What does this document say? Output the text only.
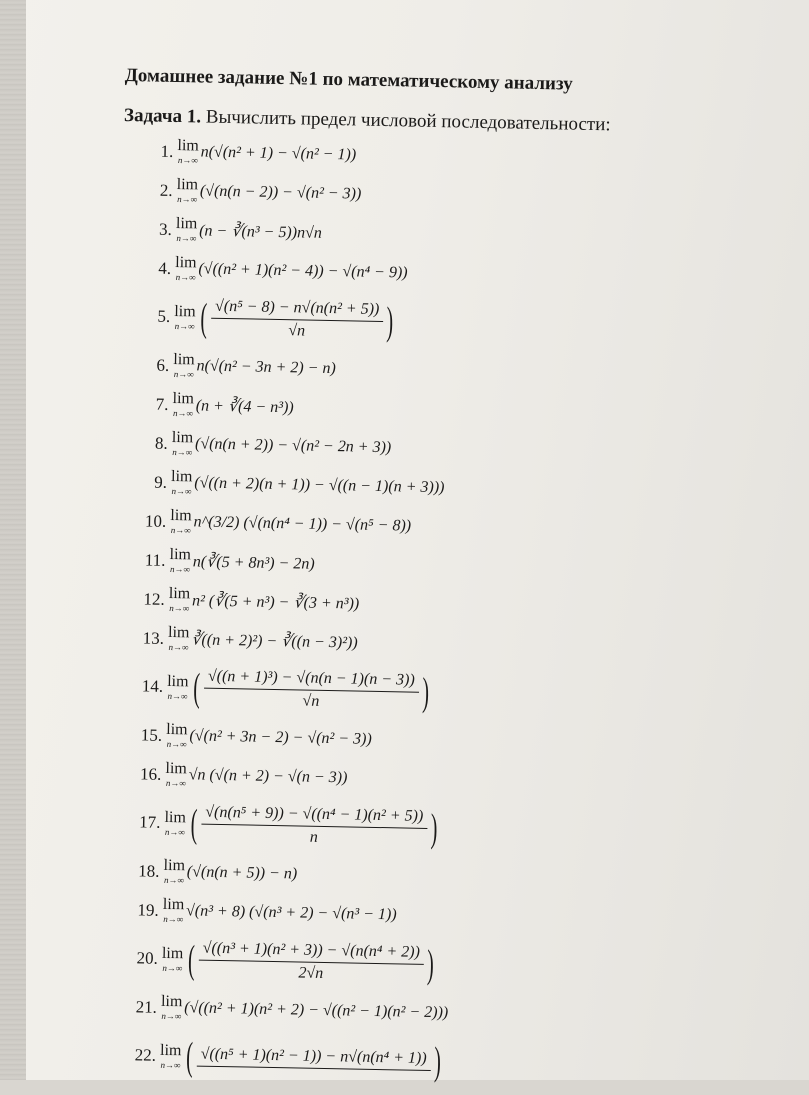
Домашнее задание №1 по математическому анализу
Задача 1. Вычислить предел числовой последовательности:
1. lim
n→∞ n(√(n² + 1) − √(n² − 1))
2. lim
n→∞ (√(n(n − 2)) − √(n² − 3))
3. lim
n→∞ (n − ∛(n³ − 5))n√n
4. lim
n→∞ (√((n² + 1)(n² − 4)) − √(n⁴ − 9))
5. lim
n→∞ ( $\frac{\text{√(n⁵ − 8) − n√(n(n² + 5))}}{√n}$ )
6. lim
n→∞ n(√(n² − 3n + 2) − n)
7. lim
n→∞ (n + ∛(4 − n³))
8. lim
n→∞ (√(n(n + 2)) − √(n² − 2n + 3))
9. lim
n→∞ (√((n + 2)(n + 1)) − √((n − 1)(n + 3)))
10. lim
n→∞ n^(3/2) (√(n(n⁴ − 1)) − √(n⁵ − 8))
11. lim
n→∞ n(∛(5 + 8n³) − 2n)
12. lim
n→∞ n² (∛(5 + n³) − ∛(3 + n³))
13. lim
n→∞ ∛((n + 2)²) − ∛((n − 3)²))
14. lim
n→∞ ( $\frac{\text{√((n + 1)³) − √(n(n − 1)(n − 3))}}{√n}$ )
15. lim
n→∞ (√(n² + 3n − 2) − √(n² − 3))
16. lim
n→∞ √n (√(n + 2) − √(n − 3))
17. lim
n→∞ ( $\frac{\text{√(n(n⁵ + 9)) − √((n⁴ − 1)(n² + 5))}}{n}$ )
18. lim
n→∞ (√(n(n + 5)) − n)
19. lim
n→∞ √(n³ + 8) (√(n³ + 2) − √(n³ − 1))
20. lim
n→∞ ( $\frac{\text{√((n³ + 1)(n² + 3)) − √(n(n⁴ + 2))}}{2√n}$ )
21. lim
n→∞ (√((n² + 1)(n² + 2) − √((n² − 1)(n² − 2)))
22. lim
n→∞ ( √((n⁵ + 1)(n² − 1)) − n√(n(n⁴ + 1)) )
